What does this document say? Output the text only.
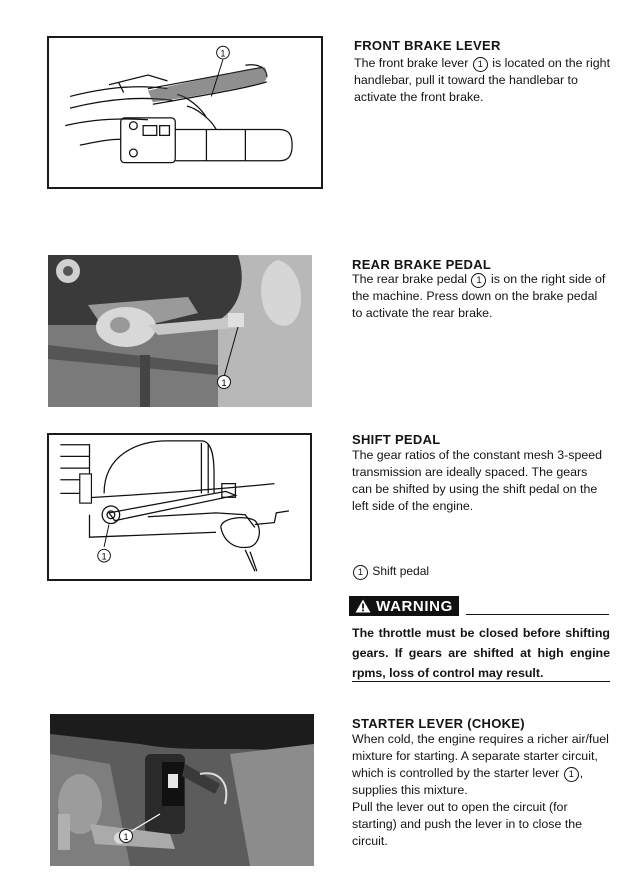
1
FRONT BRAKE LEVER

The front brake lever 1 is located on the right handlebar, pull it toward the handlebar to activate the front brake.

1
REAR BRAKE PEDAL

The rear brake pedal 1 is on the right side of the machine. Press down on the brake pedal to activate the rear brake.

1
SHIFT PEDAL

The gear ratios of the constant mesh 3-speed transmission are ideally spaced. The gears can be shifted by using the shift pedal on the left side of the engine.

1 Shift pedal

WARNING

The throttle must be closed before shifting gears. If gears are shifted at high engine rpms, loss of control may result.

1
STARTER LEVER (CHOKE)

When cold, the engine requires a richer air/fuel mixture for starting. A separate starter circuit, which is controlled by the starter lever 1 , supplies this mixture.

Pull the lever out to open the circuit (for starting) and push the lever in to close the circuit.
